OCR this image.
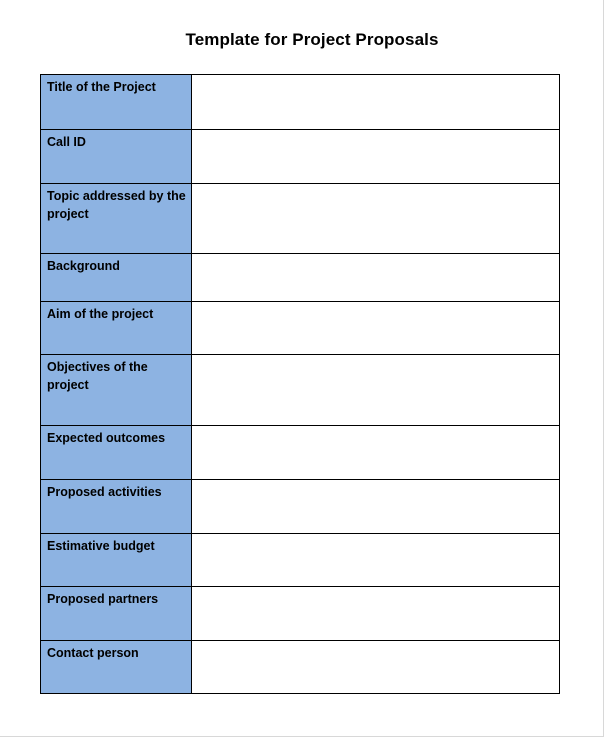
Template for Project Proposals
Title of the Project

Call ID

Topic addressed by the project

Background

Aim of the project

Objectives of the project

Expected outcomes

Proposed activities

Estimative budget

Proposed partners

Contact person
